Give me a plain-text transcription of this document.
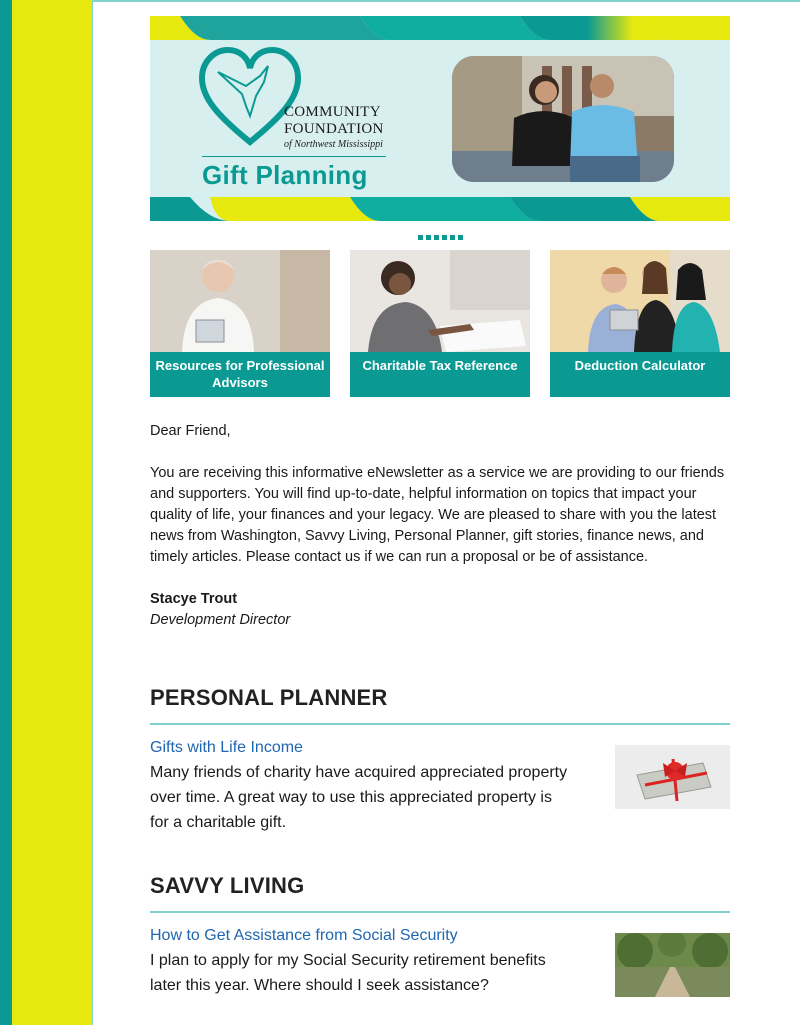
COMMUNITY
FOUNDATION
of Northwest Mississippi
Gift Planning
Resources for Professional Advisors
Charitable Tax Reference	Deduction Calculator

Dear Friend,

You are receiving this informative eNewsletter as a service we are providing to our friends and supporters. You will find up-to-date, helpful information on topics that impact your quality of life, your finances and your legacy. We are pleased to share with you the latest news from Washington, Savvy Living, Personal Planner, gift stories, finance news, and timely articles. Please contact us if we can run a proposal or be of assistance.

Stacye Trout
Development Director
PERSONAL PLANNER
Gifts with Life Income
Many friends of charity have acquired appreciated property over time. A great way to use this appreciated property is for a charitable gift.
SAVVY LIVING
How to Get Assistance from Social Security
I plan to apply for my Social Security retirement benefits later this year. Where should I seek assistance?
